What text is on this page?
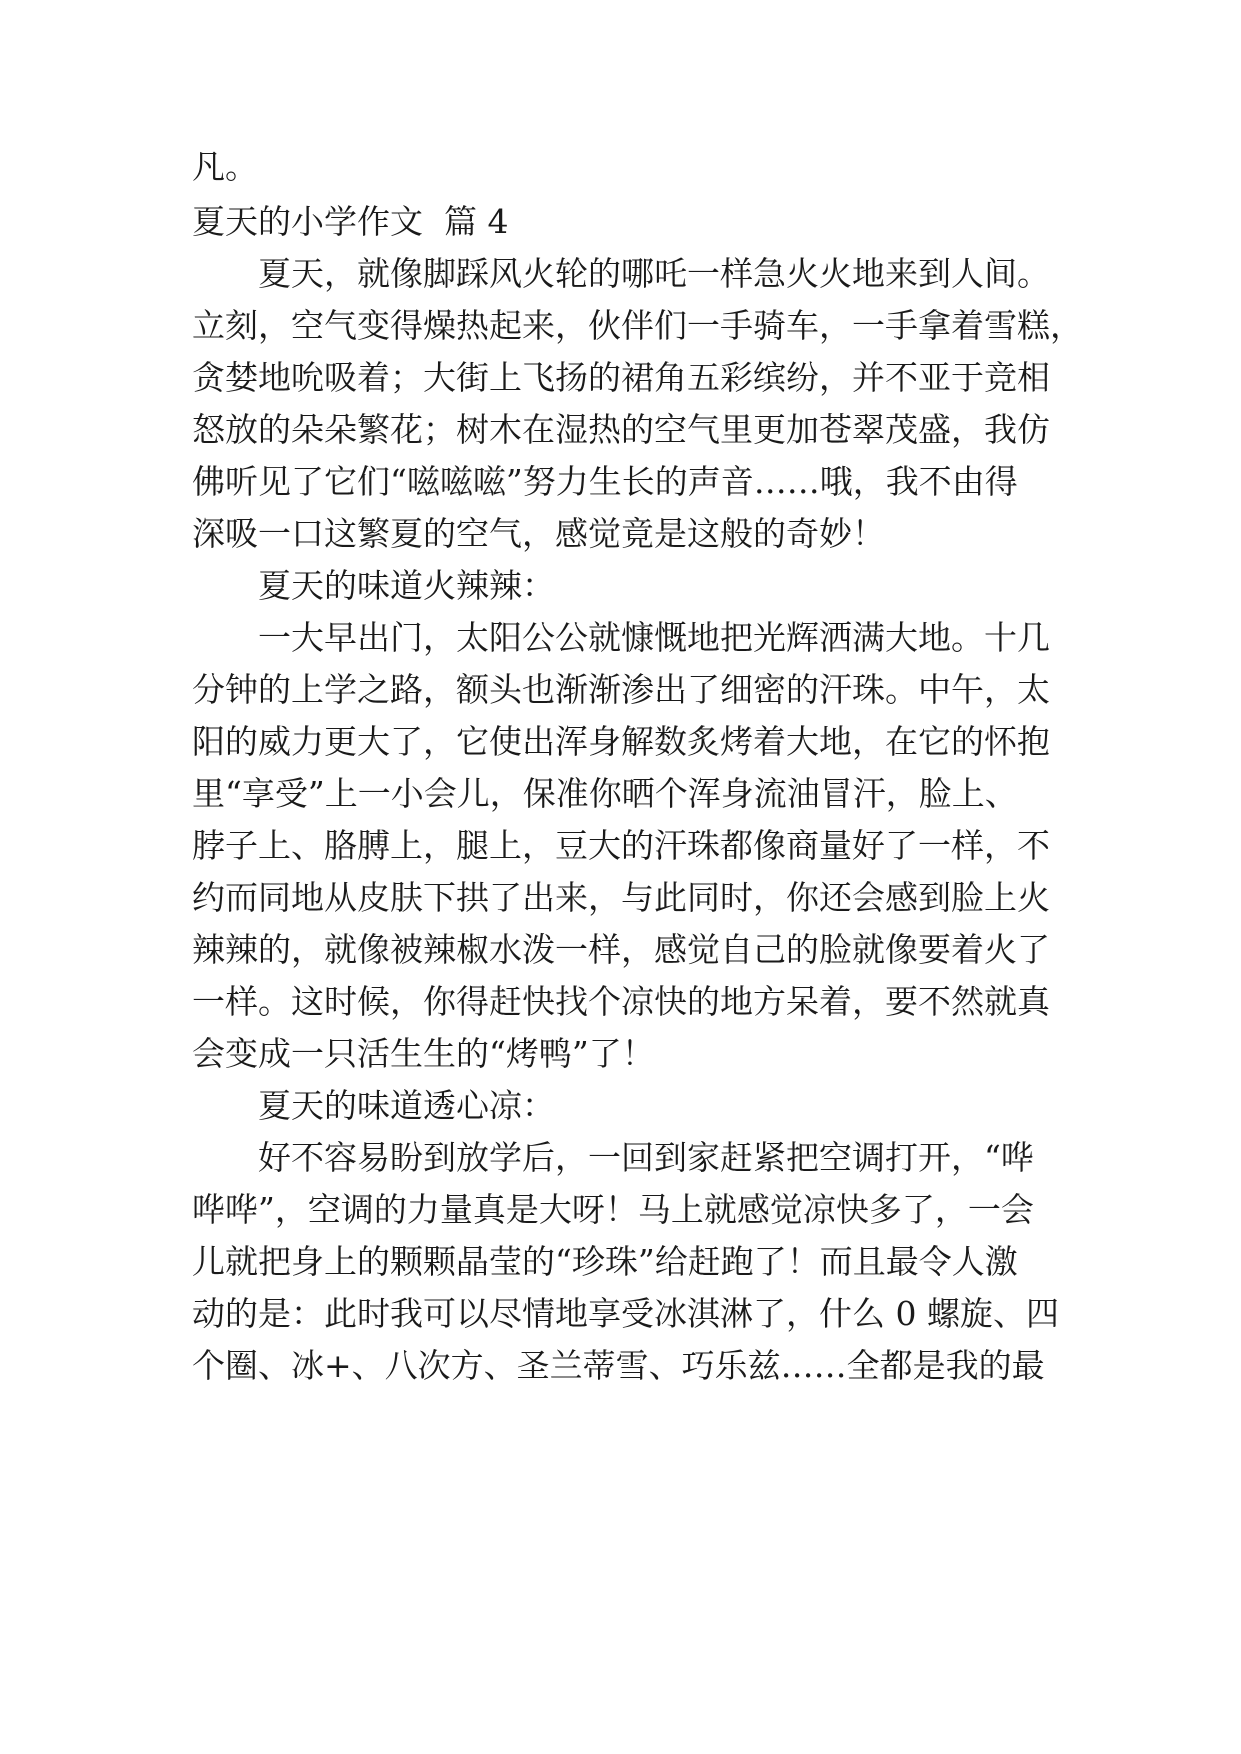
凡。
夏天的小学作文  篇 4
夏天，就像脚踩风火轮的哪吒一样急火火地来到人间。
立刻，空气变得燥热起来，伙伴们一手骑车，一手拿着雪糕，
贪婪地吮吸着；大街上飞扬的裙角五彩缤纷，并不亚于竞相
怒放的朵朵繁花；树木在湿热的空气里更加苍翠茂盛，我仿
佛听见了它们“嗞嗞嗞”努力生长的声音……哦，我不由得
深吸一口这繁夏的空气，感觉竟是这般的奇妙！
夏天的味道火辣辣：
一大早出门，太阳公公就慷慨地把光辉洒满大地。十几
分钟的上学之路，额头也渐渐渗出了细密的汗珠。中午，太
阳的威力更大了，它使出浑身解数炙烤着大地，在它的怀抱
里“享受”上一小会儿，保准你晒个浑身流油冒汗，脸上、
脖子上、胳膊上，腿上，豆大的汗珠都像商量好了一样，不
约而同地从皮肤下拱了出来，与此同时，你还会感到脸上火
辣辣的，就像被辣椒水泼一样，感觉自己的脸就像要着火了
一样。这时候，你得赶快找个凉快的地方呆着，要不然就真
会变成一只活生生的“烤鸭”了！
夏天的味道透心凉：
好不容易盼到放学后，一回到家赶紧把空调打开，“哗
哗哗”，空调的力量真是大呀！马上就感觉凉快多了，一会
儿就把身上的颗颗晶莹的“珍珠”给赶跑了！而且最令人激
动的是：此时我可以尽情地享受冰淇淋了，什么 0 螺旋、四
个圈、冰+、八次方、圣兰蒂雪、巧乐兹……全都是我的最
